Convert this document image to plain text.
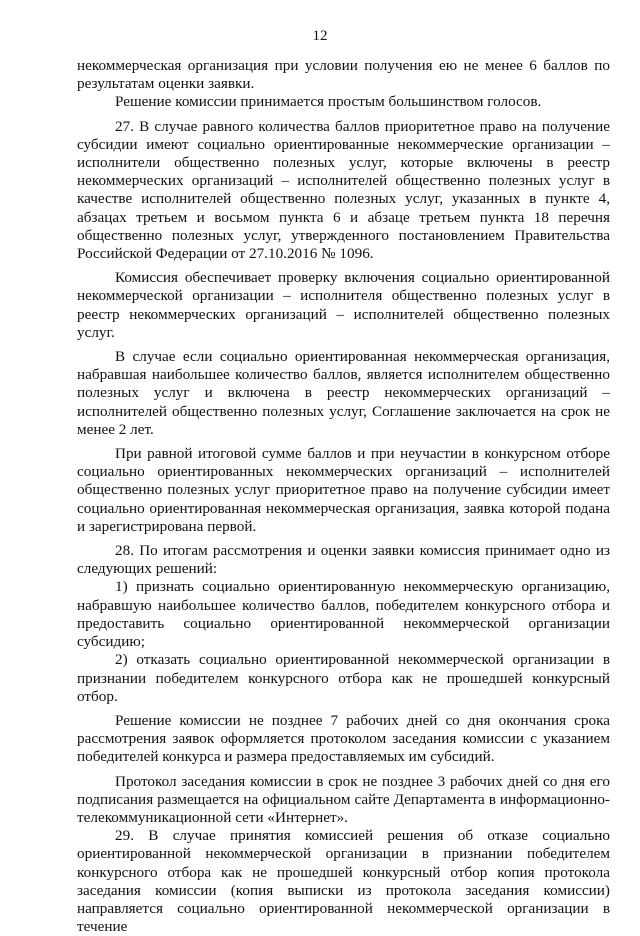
12

некоммерческая организация при условии получения ею не менее 6 баллов по результатам оценки заявки.

Решение комиссии принимается простым большинством голосов.

27. В случае равного количества баллов приоритетное право на получение субсидии имеют социально ориентированные некоммерческие организации – исполнители общественно полезных услуг, которые включены в реестр некоммерческих организаций – исполнителей общественно полезных услуг в качестве исполнителей общественно полезных услуг, указанных в пункте 4, абзацах третьем и восьмом пункта 6 и абзаце третьем пункта 18 перечня общественно полезных услуг, утвержденного постановлением Правительства Российской Федерации от 27.10.2016 № 1096.

Комиссия обеспечивает проверку включения социально ориентированной некоммерческой организации – исполнителя общественно полезных услуг в реестр некоммерческих организаций – исполнителей общественно полезных услуг.

В случае если социально ориентированная некоммерческая организация, набравшая наибольшее количество баллов, является исполнителем общественно полезных услуг и включена в реестр некоммерческих организаций – исполнителей общественно полезных услуг, Соглашение заключается на срок не менее 2 лет.

При равной итоговой сумме баллов и при неучастии в конкурсном отборе социально ориентированных некоммерческих организаций – исполнителей общественно полезных услуг приоритетное право на получение субсидии имеет социально ориентированная некоммерческая организация, заявка которой подана и зарегистрирована первой.

28. По итогам рассмотрения и оценки заявки комиссия принимает одно из следующих решений:

1) признать социально ориентированную некоммерческую организацию, набравшую наибольшее количество баллов, победителем конкурсного отбора и предоставить социально ориентированной некоммерческой организации субсидию;

2) отказать социально ориентированной некоммерческой организации в признании победителем конкурсного отбора как не прошедшей конкурсный отбор.

Решение комиссии не позднее 7 рабочих дней со дня окончания срока рассмотрения заявок оформляется протоколом заседания комиссии с указанием победителей конкурса и размера предоставляемых им субсидий.

Протокол заседания комиссии в срок не позднее 3 рабочих дней со дня его подписания размещается на официальном сайте Департамента в информационно-телекоммуникационной сети «Интернет».

29. В случае принятия комиссией решения об отказе социально ориентированной некоммерческой организации в признании победителем конкурсного отбора как не прошедшей конкурсный отбор копия протокола заседания комиссии (копия выписки из протокола заседания комиссии) направляется социально ориентированной некоммерческой организации в течение
